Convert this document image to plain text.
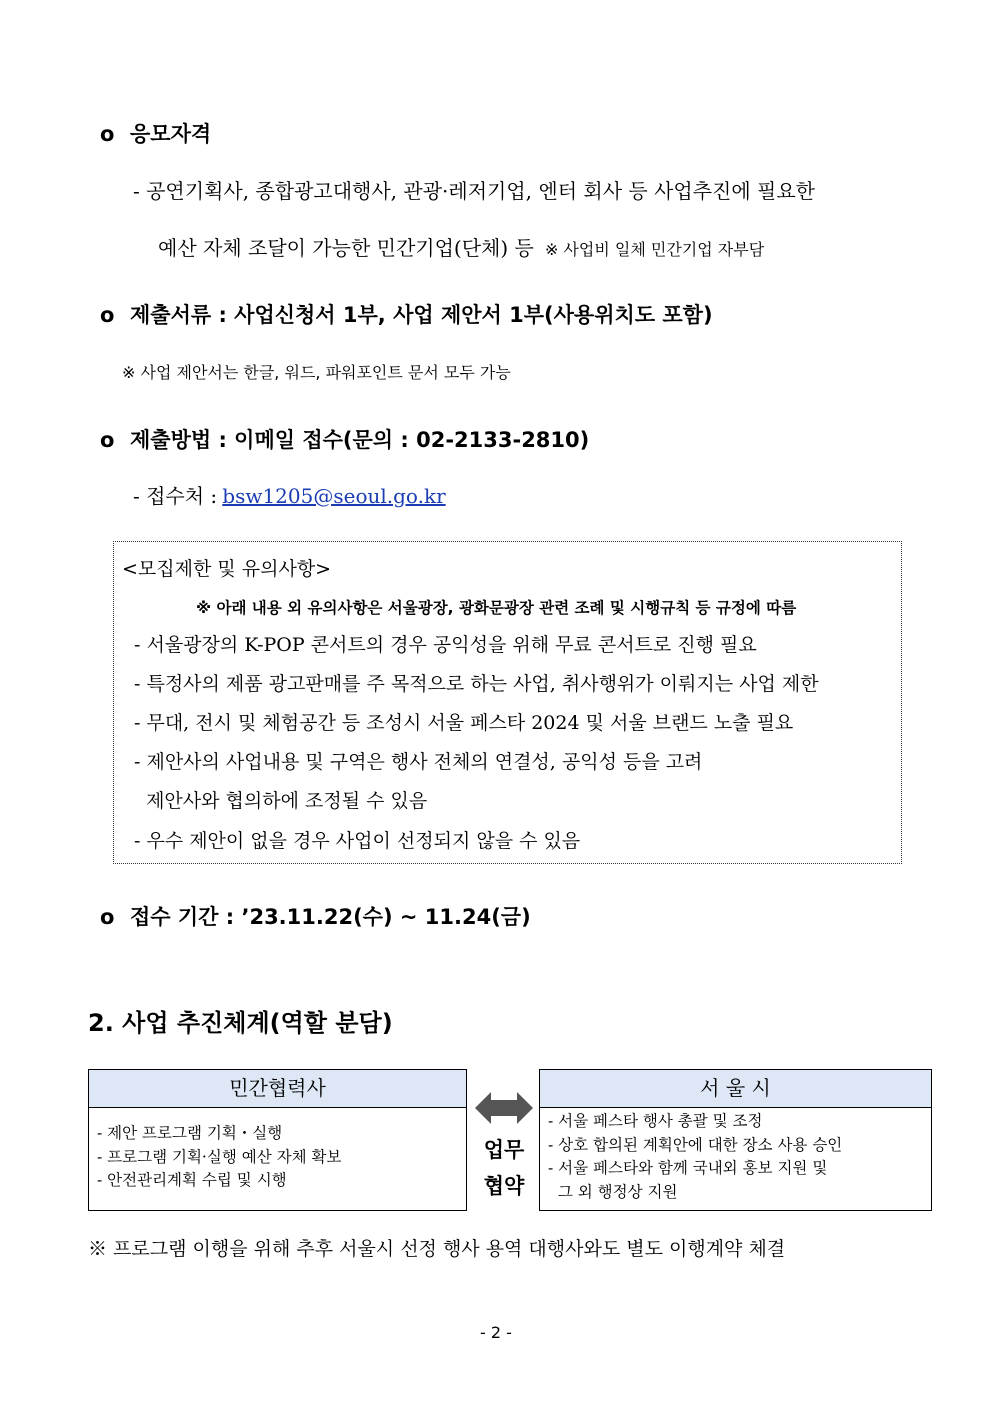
o 응모자격
- 공연기획사, 종합광고대행사, 관광·레저기업, 엔터 회사 등 사업추진에 필요한
예산 자체 조달이 가능한 민간기업(단체) 등 ※ 사업비 일체 민간기업 자부담
o 제출서류 : 사업신청서 1부, 사업 제안서 1부(사용위치도 포함)
※ 사업 제안서는 한글, 워드, 파워포인트 문서 모두 가능
o 제출방법 : 이메일 접수(문의 : 02-2133-2810)
- 접수처 : bsw1205@seoul.go.kr
<모집제한 및 유의사항>
※ 아래 내용 외 유의사항은 서울광장, 광화문광장 관련 조례 및 시행규칙 등 규정에 따름
- 서울광장의 K-POP 콘서트의 경우 공익성을 위해 무료 콘서트로 진행 필요
- 특정사의 제품 광고판매를 주 목적으로 하는 사업, 취사행위가 이뤄지는 사업 제한
- 무대, 전시 및 체험공간 등 조성시 서울 페스타 2024 및 서울 브랜드 노출 필요
- 제안사의 사업내용 및 구역은 행사 전체의 연결성, 공익성 등을 고려
제안사와 협의하에 조정될 수 있음
- 우수 제안이 없을 경우 사업이 선정되지 않을 수 있음
o 접수 기간 : ’23.11.22(수) ~ 11.24(금)
2. 사업 추진체계(역할 분담)
민간협력사
- 제안 프로그램 기획・실행
- 프로그램 기획·실행 예산 자체 확보
- 안전관리계획 수립 및 시행
업무
협약
서 울 시
- 서울 페스타 행사 총괄 및 조정
- 상호 합의된 계획안에 대한 장소 사용 승인
- 서울 페스타와 함께 국내외 홍보 지원 및
그 외 행정상 지원
※ 프로그램 이행을 위해 추후 서울시 선정 행사 용역 대행사와도 별도 이행계약 체결
- 2 -
